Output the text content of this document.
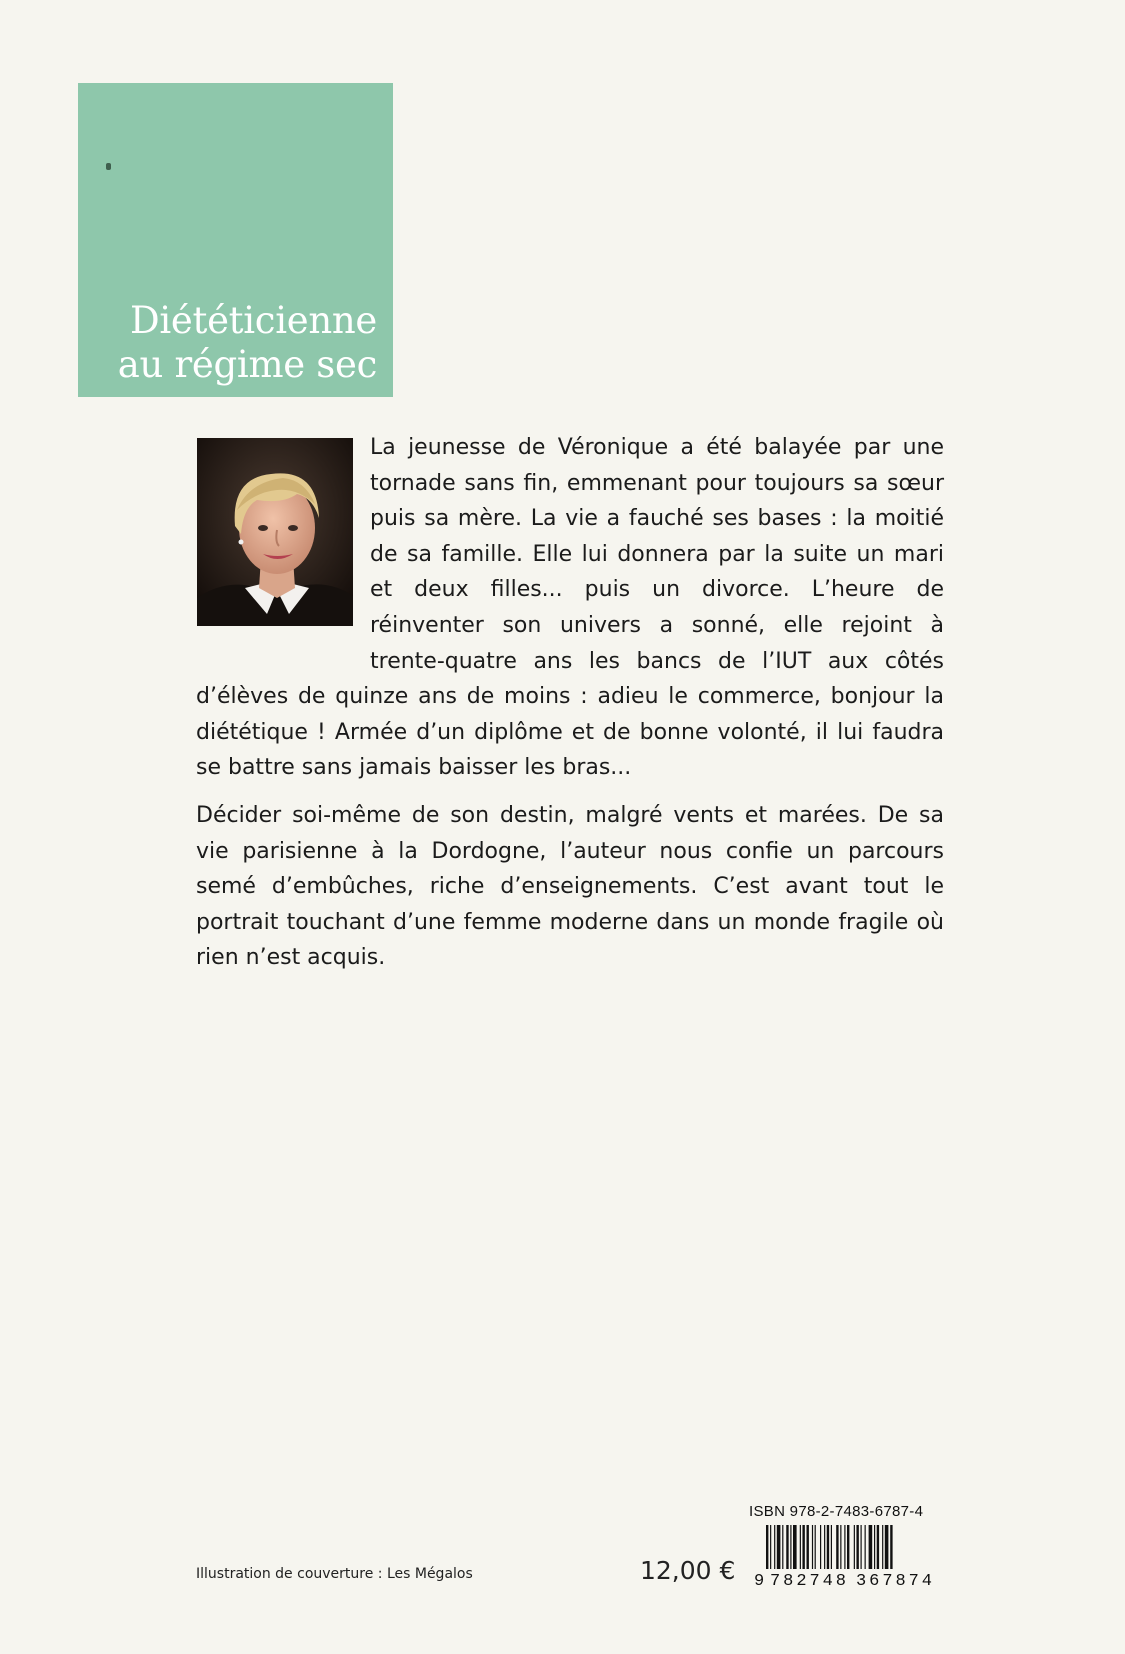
Diététicienne
au régime sec

La jeunesse de Véronique a été balayée par une tornade sans fin, emmenant pour toujours sa sœur puis sa mère. La vie a fauché ses bases : la moitié de sa famille. Elle lui donnera par la suite un mari et deux filles... puis un divorce. L’heure de réinventer son univers a sonné, elle rejoint à trente-quatre ans les bancs de l’IUT aux côtés d’élèves de quinze ans de moins : adieu le commerce, bonjour la diététique ! Armée d’un diplôme et de bonne volonté, il lui faudra se battre sans jamais baisser les bras...

Décider soi-même de son destin, malgré vents et marées. De sa vie parisienne à la Dordogne, l’auteur nous confie un parcours semé d’embûches, riche d’enseignements. C’est avant tout le portrait touchant d’une femme moderne dans un monde fragile où rien n’est acquis.

Illustration de couverture : Les Mégalos	12,00 €
ISBN 978-2-7483-6787-4
9 782748 367874
